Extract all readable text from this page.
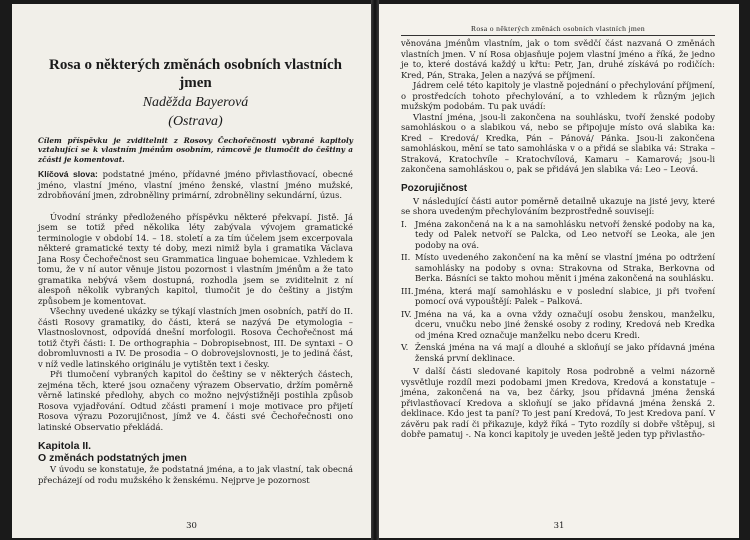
Rosa o některých změnách osobních vlastních jmen
Naděžda Bayerová
(Ostrava)

Cílem příspěvku je zviditelnit z Rosovy Čechořečnosti vybrané kapitoly vztahující se k vlastním jménům osobním, rámcově je tlumočit do češtiny a zčásti je komentovat.

Klíčová slova: podstatné jméno, přídavné jméno přivlastňovací, obecné jméno, vlastní jméno, vlastní jméno ženské, vlastní jméno mužské, zdrobňování jmen, zdrobněliny primární, zdrobněliny sekundární, úzus.

Úvodní stránky předloženého příspěvku některé překvapí. Jistě. Já jsem se totiž před několika léty zabývala vývojem gramatické terminologie v období 14. – 18. století a za tím účelem jsem excerpovala některé gramatické texty té doby, mezi nimiž byla i gramatika Václava Jana Rosy Čechořečnost seu Grammatica linguae bohemicae. Vzhledem k tomu, že v ní autor věnuje jistou pozornost i vlastním jménům a že tato gramatika nebývá všem dostupná, rozhodla jsem se zviditelnit z ní alespoň několik vybraných kapitol, tlumočit je do češtiny a jistým způsobem je komentovat.

Všechny uvedené ukázky se týkají vlastních jmen osobních, patří do II. části Rosovy gramatiky, do části, která se nazývá De etymologia – Vlastnoslovnost, odpovídá dnešní morfologii. Rosova Čechořečnost má totiž čtyři části: I. De orthographia – Dobropisebnost, III. De syntaxi – O dobromluvnosti a IV. De prosodia – O dobrovejslovnosti, je to jediná část, v níž vedle latinského originálu je vytištěn text i česky.

Při tlumočení vybraných kapitol do češtiny se v některých částech, zejména těch, které jsou označeny výrazem Observatio, držím poměrně věrně latinské předlohy, abych co možno nejvýstižněji postihla způsob Rosova vyjadřování. Odtud zčásti pramení i moje motivace pro přijetí Rosova výrazu Pozorujičnost, jímž ve 4. části své Čechořečnosti ono latinské Observatio překládá.

Kapitola II.
O změnách podstatných jmen

V úvodu se konstatuje, že podstatná jména, a to jak vlastní, tak obecná přecházejí od rodu mužského k ženskému. Nejprve je pozornost

30
Rosa o některých změnách osobních vlastních jmen

věnována jménům vlastním, jak o tom svědčí část nazvaná O změnách vlastních jmen. V ní Rosa objasňuje pojem vlastní jméno a říká, že jedno je to, které dostává každý u křtu: Petr, Jan, druhé získává po rodičích: Kred, Pán, Straka, Jelen a nazývá se příjmení.

Jádrem celé této kapitoly je vlastně pojednání o přechylování příjmení, o prostředcích tohoto přechylování, a to vzhledem k různým jejich mužským podobám. Tu pak uvádí:

Vlastní jména, jsou-li zakončena na souhlásku, tvoří ženské podoby samohláskou o a slabikou vá, nebo se připojuje místo ová slabika ka: Kred – Kredová/ Kredka, Pán – Pánová/ Pánka. Jsou-li zakončena samohláskou, mění se tato samohláska v o a přidá se slabika vá: Straka – Straková, Kratochvíle – Kratochvílová, Kamaru – Kamarová; jsou-li zakončena samohláskou o, pak se přidává jen slabika vá: Leo – Leová.

Pozorujičnost

V následující části autor poměrně detailně ukazuje na jisté jevy, které se shora uvedeným přechylováním bezprostředně souvisejí:

I. Jména zakončená na k a na samohlásku netvoří ženské podoby na ka, tedy od Palek netvoří se Palcka, od Leo netvoří se Leoka, ale jen podoby na ová.
II. Místo uvedeného zakončení na ka mění se vlastní jména po odtržení samohlásky na podoby s ovna: Strakovna od Straka, Berkovna od Berka. Básníci se takto mohou měnit i jména zakončená na souhlásku.
III. Jména, která mají samohlásku e v poslední slabice, ji při tvoření pomocí ová vypouštějí: Palek – Palková.
IV. Jména na vá, ka a ovna vždy označují osobu ženskou, manželku, dceru, vnučku nebo jiné ženské osoby z rodiny, Kredová neb Kredka od jména Kred označuje manželku nebo dceru Kredi.
V. Ženská jména na vá mají a dlouhé a skloňují se jako přídavná jména ženská první deklinace.

V další části sledované kapitoly Rosa podrobně a velmi názorně vysvětluje rozdíl mezi podobami jmen Kredova, Kredová a konstatuje – jména, zakončená na va, bez čárky, jsou přídavná jména ženská přivlastňovací Kredova a skloňují se jako přídavná jména ženská 2. deklinace. Kdo jest ta paní? To jest paní Kredová, To jest Kredova paní. V závěru pak radí či přikazuje, když říká – Tyto rozdíly si dobře vštěpuj, si dobře pamatuj -. Na konci kapitoly je uveden ještě jeden typ přivlastňo-

31
